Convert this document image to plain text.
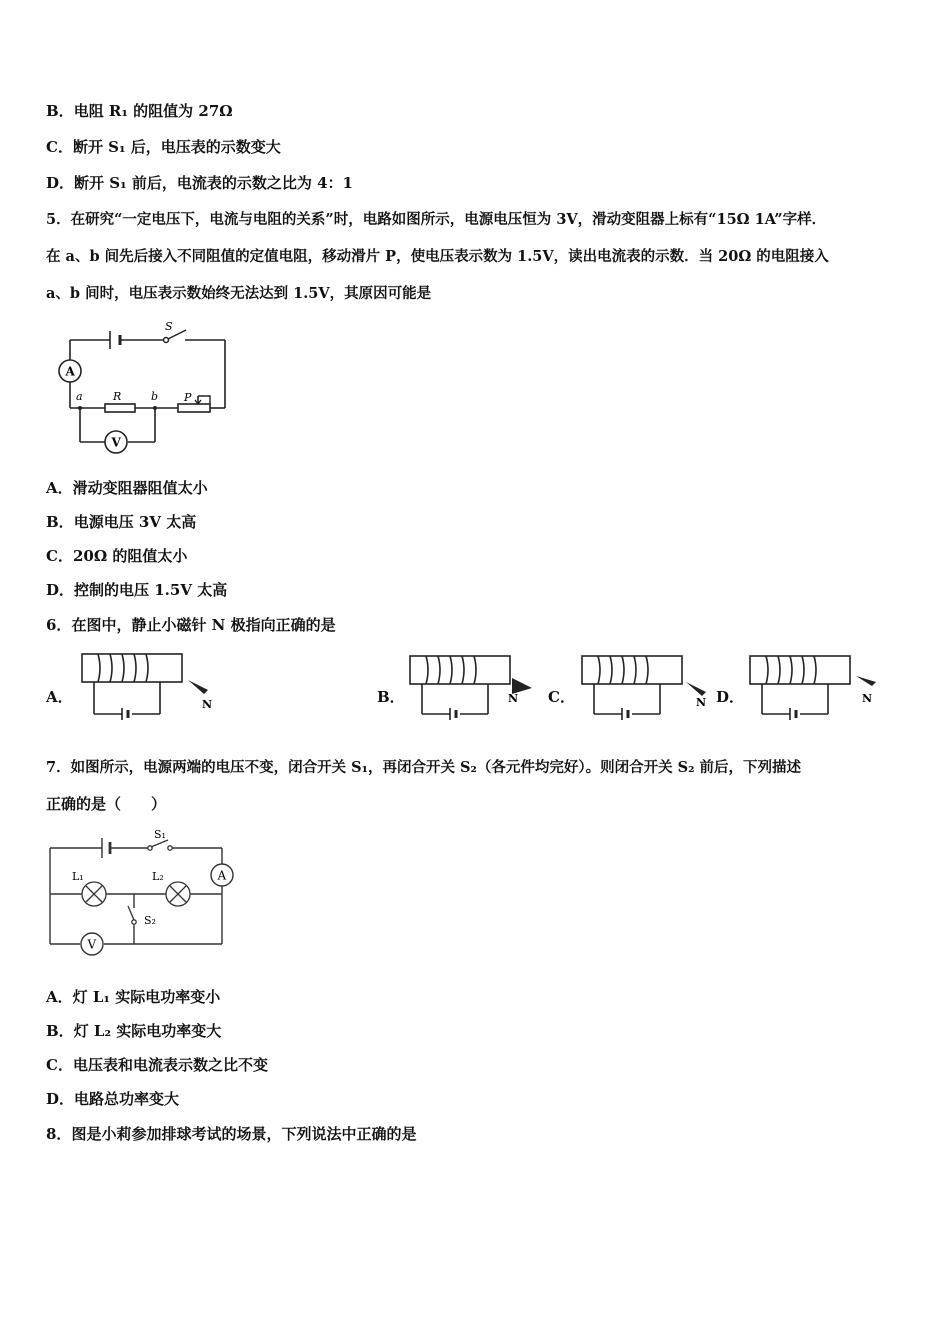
B．电阻 R₁ 的阻值为 27Ω
C．断开 S₁ 后，电压表的示数变大
D．断开 S₁ 前后，电流表的示数之比为 4：1
5．在研究“一定电压下，电流与电阻的关系”时，电路如图所示，电源电压恒为 3V，滑动变阻器上标有“15Ω 1A”字样．
在 a、b 间先后接入不同阻值的定值电阻，移动滑片 P，使电压表示数为 1.5V，读出电流表的示数．当 20Ω 的电阻接入
a、b 间时，电压表示数始终无法达到 1.5V，其原因可能是
S
A
R
a	b P
V
A．滑动变阻器阻值太小
B．电源电压 3V 太高
C．20Ω 的阻值太小
D．控制的电压 1.5V 太高
6．在图中，静止小磁针 N 极指向正确的是
A．	N	B．	N C．	N D．	N
7．如图所示，电源两端的电压不变，闭合开关 S₁，再闭合开关 S₂（各元件均完好）。则闭合开关 S₂ 前后，下列描述
正确的是（　　）
S₁
A
L₁	L₂
S₂
V
A．灯 L₁ 实际电功率变小
B．灯 L₂ 实际电功率变大
C．电压表和电流表示数之比不变
D．电路总功率变大
8．图是小莉参加排球考试的场景，下列说法中正确的是
